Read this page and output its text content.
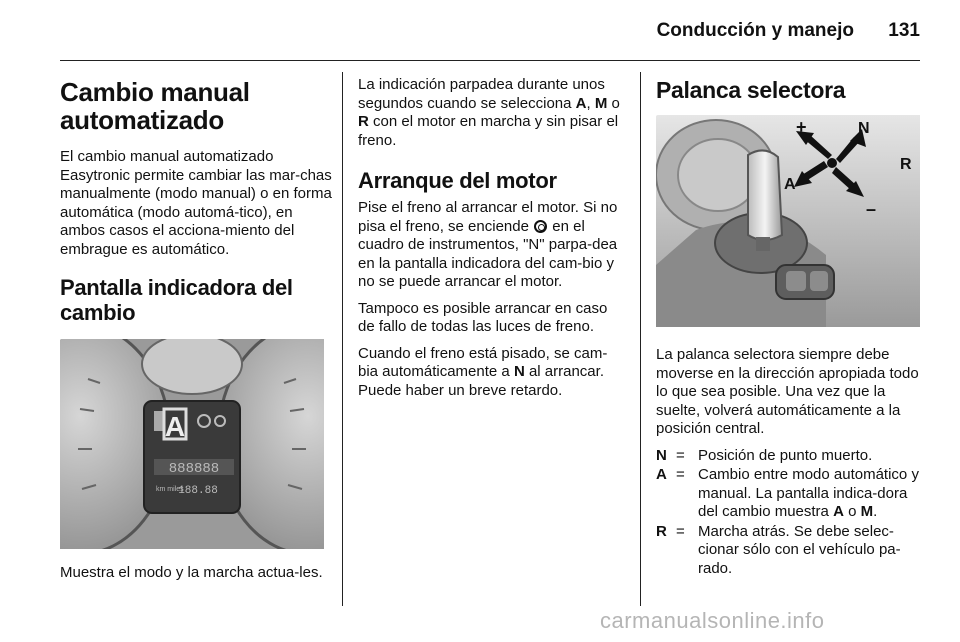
Conducción y manejo 131
Cambio manual automatizado

El cambio manual automatizado Easytronic permite cambiar las mar-chas manualmente (modo manual) o en forma automática (modo automá-tico), en ambos casos el acciona-miento del embrague es automático.

Pantalla indicadora del cambio
A
888888
km miles
188.88

Muestra el modo y la marcha actua-les.

La indicación parpadea durante unos segundos cuando se selecciona A, M o R con el motor en marcha y sin pisar el freno.

Arranque del motor

Pise el freno al arrancar el motor. Si no pisa el freno, se enciende  en el cuadro de instrumentos, "N" parpa-dea en la pantalla indicadora del cam-bio y no se puede arrancar el motor.

Tampoco es posible arrancar en caso de fallo de todas las luces de freno.

Cuando el freno está pisado, se cam-bia automáticamente a N al arrancar. Puede haber un breve retardo.

Palanca selectora
+	N
R
A
–

La palanca selectora siempre debe moverse en la dirección apropiada todo lo que sea posible. Una vez que la suelte, volverá automáticamente a la posición central.

N = Posición de punto muerto.
A = Cambio entre modo automático y manual. La pantalla indica-dora del cambio muestra A o M.
R = Marcha atrás. Se debe selec-cionar sólo con el vehículo pa-rado.
carmanualsonline.info
